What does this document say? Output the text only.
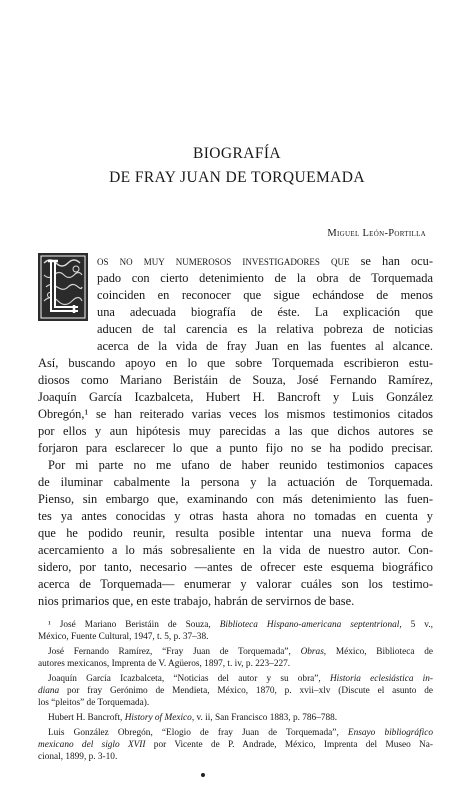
BIOGRAFÍA
DE FRAY JUAN DE TORQUEMADA
Miguel León-Portilla
os no muy numerosos investigadores que se han ocu-
pado con cierto detenimiento de la obra de Torquemada
coinciden en reconocer que sigue echándose de menos
una adecuada biografía de éste. La explicación que
aducen de tal carencia es la relativa pobreza de noticias
acerca de la vida de fray Juan en las fuentes al alcance.
Así, buscando apoyo en lo que sobre Torquemada escribieron estu-
diosos como Mariano Beristáin de Souza, José Fernando Ramírez,
Joaquín García Icazbalceta, Hubert H. Bancroft y Luis González
Obregón,¹ se han reiterado varias veces los mismos testimonios citados
por ellos y aun hipótesis muy parecidas a las que dichos autores se
forjaron para esclarecer lo que a punto fijo no se ha podido precisar.
Por mi parte no me ufano de haber reunido testimonios capaces
de iluminar cabalmente la persona y la actuación de Torquemada.
Pienso, sin embargo que, examinando con más detenimiento las fuen-
tes ya antes conocidas y otras hasta ahora no tomadas en cuenta y
que he podido reunir, resulta posible intentar una nueva forma de
acercamiento a lo más sobresaliente en la vida de nuestro autor. Con-
sidero, por tanto, necesario —antes de ofrecer este esquema biográfico
acerca de Torquemada— enumerar y valorar cuáles son los testimo-
nios primarios que, en este trabajo, habrán de servirnos de base.
¹ José Mariano Beristáin de Souza, Biblioteca Hispano-americana septentrional, 5 v.,
México, Fuente Cultural, 1947, t. 5, p. 37–38.
José Fernando Ramírez, “Fray Juan de Torquemada”, Obras, México, Biblioteca de
autores mexicanos, Imprenta de V. Agüeros, 1897, t. iv, p. 223–227.
Joaquín García Icazbalceta, “Noticias del autor y su obra”, Historia eclesiástica in-
diana por fray Gerónimo de Mendieta, México, 1870, p. xvii–xlv (Discute el asunto de
los “pleitos” de Torquemada).
Hubert H. Bancroft, History of Mexico, v. ii, San Francisco 1883, p. 786–788.
Luis González Obregón, “Elogio de fray Juan de Torquemada”, Ensayo bibliográfico
mexicano del siglo XVII por Vicente de P. Andrade, México, Imprenta del Museo Na-
cional, 1899, p. 3-10.
